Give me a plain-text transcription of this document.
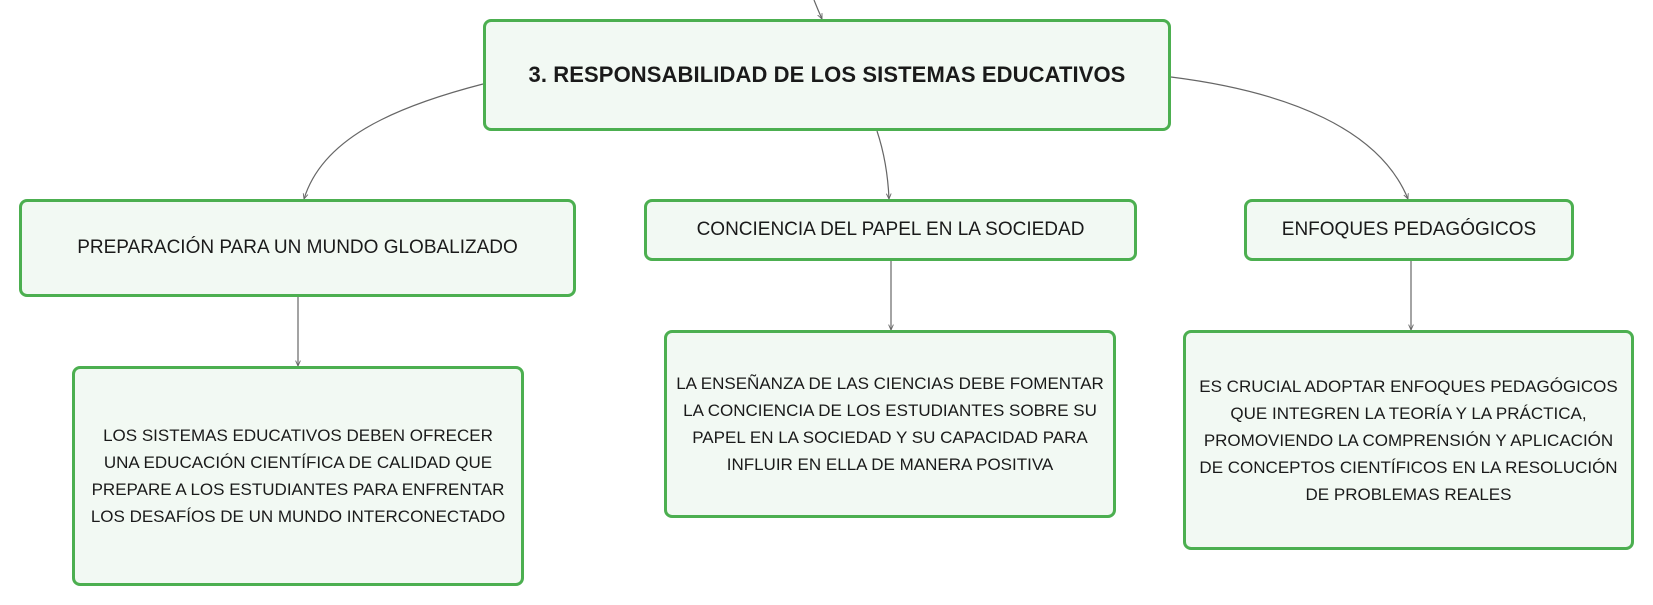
3. RESPONSABILIDAD DE LOS SISTEMAS EDUCATIVOS
PREPARACIÓN PARA UN MUNDO GLOBALIZADO
CONCIENCIA DEL PAPEL EN LA SOCIEDAD	ENFOQUES PEDAGÓGICOS
LOS SISTEMAS EDUCATIVOS DEBEN OFRECER UNA EDUCACIÓN CIENTÍFICA DE CALIDAD QUE PREPARE A LOS ESTUDIANTES PARA ENFRENTAR LOS DESAFÍOS DE UN MUNDO INTERCONECTADO
LA ENSEÑANZA DE LAS CIENCIAS DEBE FOMENTAR LA CONCIENCIA DE LOS ESTUDIANTES SOBRE SU PAPEL EN LA SOCIEDAD Y SU CAPACIDAD PARA INFLUIR EN ELLA DE MANERA POSITIVA
ES CRUCIAL ADOPTAR ENFOQUES PEDAGÓGICOS QUE INTEGREN LA TEORÍA Y LA PRÁCTICA, PROMOVIENDO LA COMPRENSIÓN Y APLICACIÓN DE CONCEPTOS CIENTÍFICOS EN LA RESOLUCIÓN DE PROBLEMAS REALES
